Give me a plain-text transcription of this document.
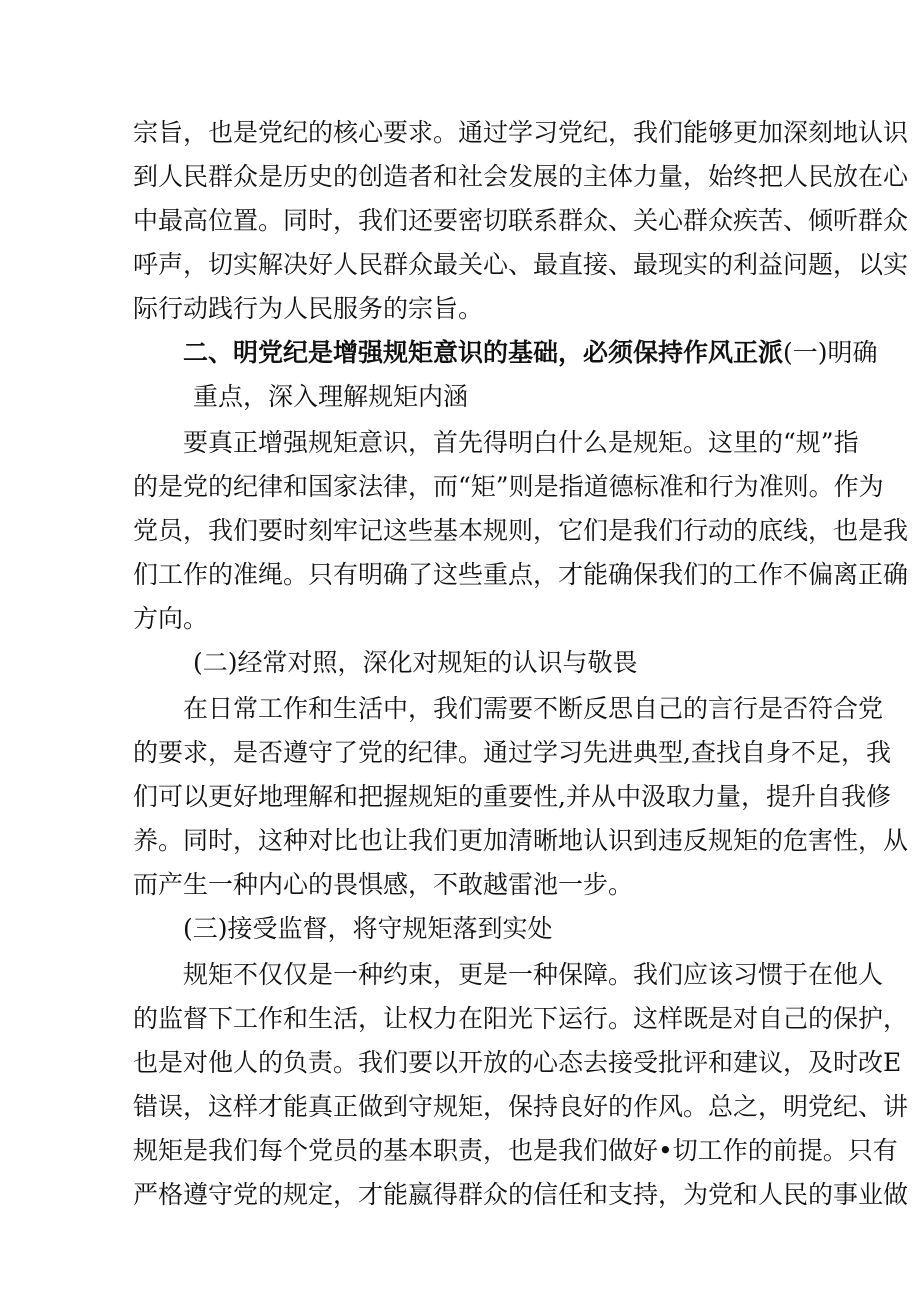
宗旨，也是党纪的核心要求。通过学习党纪，我们能够更加深刻地认识
到人民群众是历史的创造者和社会发展的主体力量，始终把人民放在心
中最高位置。同时，我们还要密切联系群众、关心群众疾苦、倾听群众
呼声，切实解决好人民群众最关心、最直接、最现实的利益问题，以实
际行动践行为人民服务的宗旨。
二、明党纪是增强规矩意识的基础，必须保持作风正派(一)明确
重点，深入理解规矩内涵
要真正增强规矩意识，首先得明白什么是规矩。这里的“规”指
的是党的纪律和国家法律，而“矩”则是指道德标准和行为准则。作为
党员，我们要时刻牢记这些基本规则，它们是我们行动的底线，也是我
们工作的准绳。只有明确了这些重点，才能确保我们的工作不偏离正确
方向。
(二)经常对照，深化对规矩的认识与敬畏
在日常工作和生活中，我们需要不断反思自己的言行是否符合党
的要求，是否遵守了党的纪律。通过学习先进典型,查找自身不足，我
们可以更好地理解和把握规矩的重要性,并从中汲取力量，提升自我修
养。同时，这种对比也让我们更加清晰地认识到违反规矩的危害性，从
而产生一种内心的畏惧感，不敢越雷池一步。
(三)接受监督，将守规矩落到实处
规矩不仅仅是一种约束，更是一种保障。我们应该习惯于在他人
的监督下工作和生活，让权力在阳光下运行。这样既是对自己的保护，
也是对他人的负责。我们要以开放的心态去接受批评和建议，及时改E
错误，这样才能真正做到守规矩，保持良好的作风。总之，明党纪、讲
规矩是我们每个党员的基本职责，也是我们做好•切工作的前提。只有
严格遵守党的规定，才能嬴得群众的信任和支持，为党和人民的事业做
